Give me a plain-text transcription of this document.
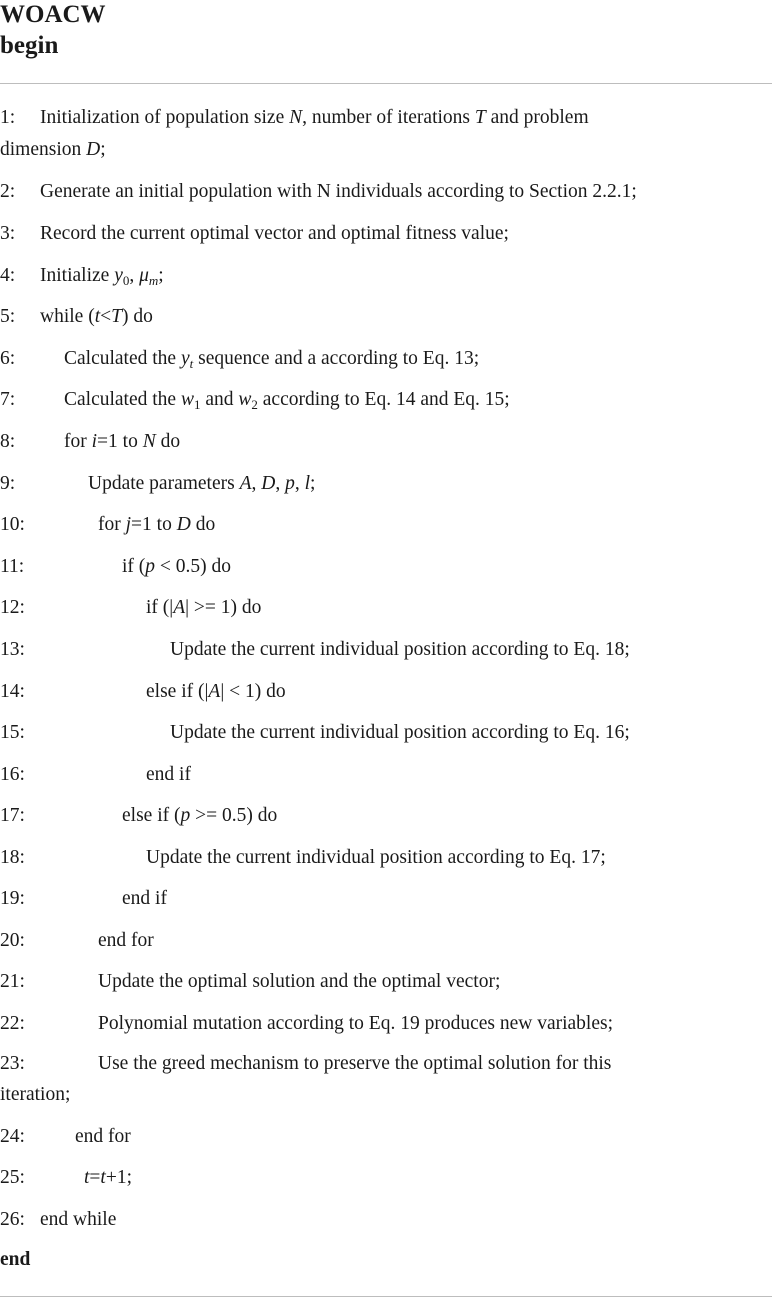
WOACW

begin

1: Initialization of population size N, number of iterations T and problem
dimension D;
2: Generate an initial population with N individuals according to Section 2.2.1;
3: Record the current optimal vector and optimal fitness value;
4: Initialize $y_0$, $\mu_m$;
5: while (t<T) do
6:	Calculated the $y_t$ sequence and a according to Eq. 13;
7:	Calculated the $w_1$ and $w_2$ according to Eq. 14 and Eq. 15;
8:	for i=1 to N do
9:	Update parameters A, D, p, l;
10:	for j=1 to D do
11:	if (p < 0.5) do
12:	if (|A| >= 1) do
13:	Update the current individual position according to Eq. 18;
14:	else if (|A| < 1) do
15:	Update the current individual position according to Eq. 16;
16:	end if
17:	else if (p >= 0.5) do
18:	Update the current individual position according to Eq. 17;
19:	end if
20:	end for
21:	Update the optimal solution and the optimal vector;
22:	Polynomial mutation according to Eq. 19 produces new variables;
23:	Use the greed mechanism to preserve the optimal solution for this
iteration;
24:	end for
25:	t=t+1;
26: end while
end
